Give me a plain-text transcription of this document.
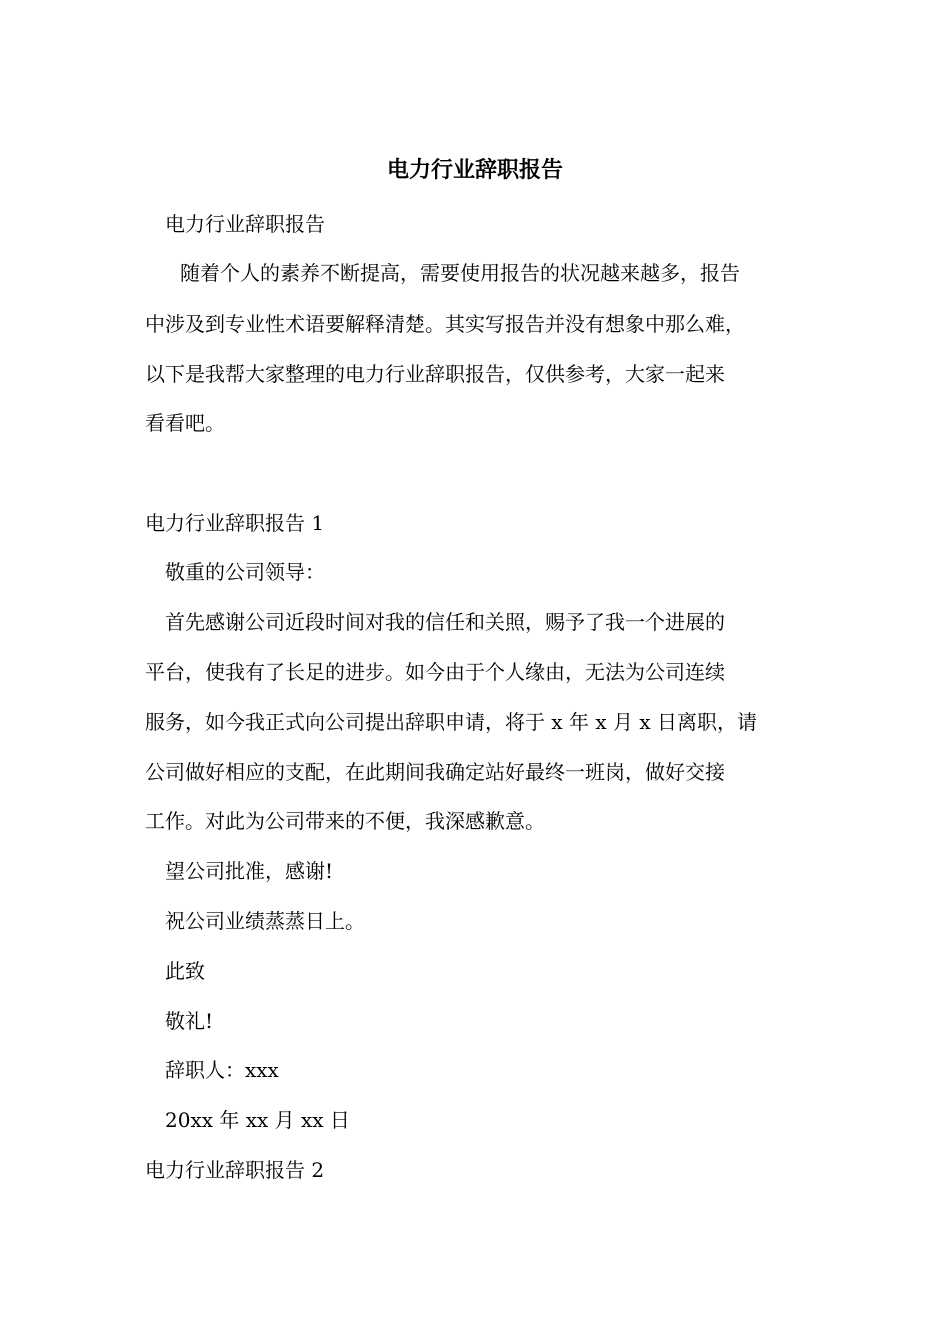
电力行业辞职报告
电力行业辞职报告
随着个人的素养不断提高，需要使用报告的状况越来越多，报告
中涉及到专业性术语要解释清楚。其实写报告并没有想象中那么难，
以下是我帮大家整理的电力行业辞职报告，仅供参考，大家一起来
看看吧。
电力行业辞职报告 1
敬重的公司领导：
首先感谢公司近段时间对我的信任和关照，赐予了我一个进展的
平台，使我有了长足的进步。如今由于个人缘由，无法为公司连续
服务，如今我正式向公司提出辞职申请，将于 x 年 x 月 x 日离职，请
公司做好相应的支配，在此期间我确定站好最终一班岗，做好交接
工作。对此为公司带来的不便，我深感歉意。
望公司批准，感谢!
祝公司业绩蒸蒸日上。
此致
敬礼!
辞职人：xxx
20xx 年 xx 月 xx 日
电力行业辞职报告 2
